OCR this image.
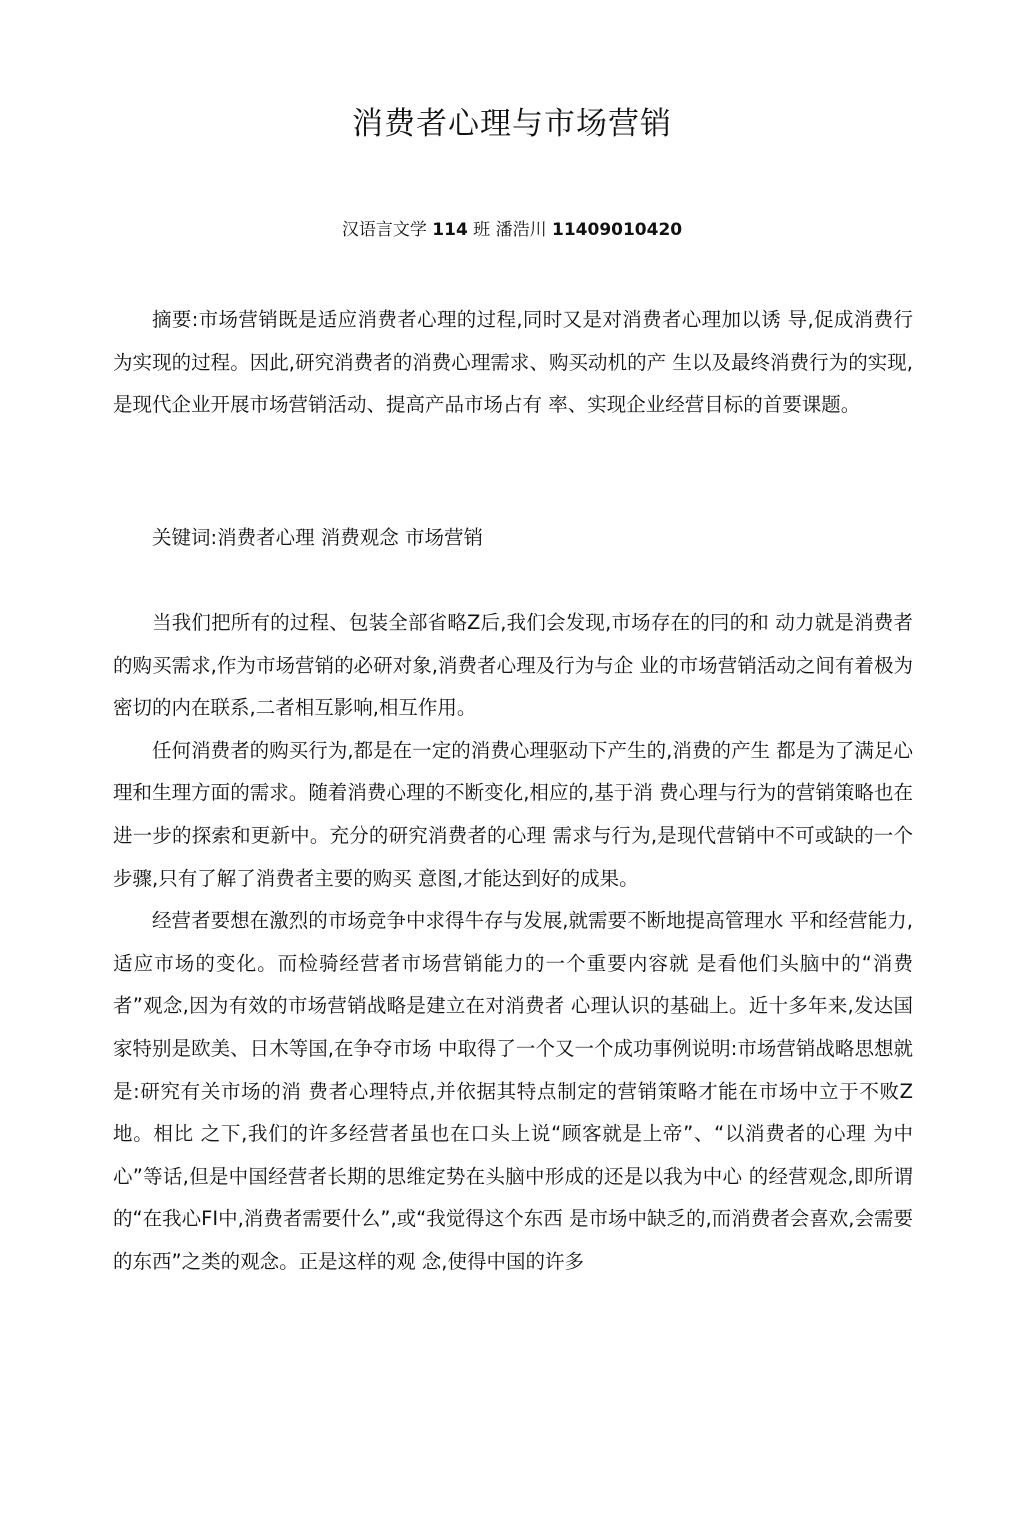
消费者心理与市场营销
汉语言文学 114 班 潘浩川 11409010420

摘要:市场营销既是适应消费者心理的过程,同时又是对消费者心理加以诱 导,促成消费行为实现的过程。因此,研究消费者的消费心理需求、购买动机的产 生以及最终消费行为的实现,是现代企业开展市场营销活动、提高产品市场占有 率、实现企业经营目标的首要课题。

关键词:消费者心理 消费观念 市场营销

当我们把所有的过程、包装全部省略Z后,我们会发现,市场存在的冃的和 动力就是消费者的购买需求,作为市场营销的必研对象,消费者心理及行为与企 业的市场营销活动之间有着极为密切的内在联系,二者相互影响,相互作用。

任何消费者的购买行为,都是在一定的消费心理驱动下产生的,消费的产生 都是为了满足心理和生理方面的需求。随着消费心理的不断变化,相应的,基于消 费心理与行为的营销策略也在进一步的探索和更新中。充分的研究消费者的心理 需求与行为,是现代营销中不可或缺的一个步骤,只有了解了消费者主要的购买 意图,才能达到好的成果。

经营者要想在激烈的市场竞争中求得牛存与发展,就需要不断地提高管理水 平和经营能力,适应市场的变化。而检骑经营者市场营销能力的一个重要内容就 是看他们头脑中的“消费者”观念,因为有效的市场营销战略是建立在对消费者 心理认识的基础上。近十多年来,发达国家特别是欧美、日木等国,在争夺市场 中取得了一个又一个成功事例说明:市场营销战略思想就是:研究有关市场的消 费者心理特点,并依据其特点制定的营销策略才能在市场中立于不败Z地。相比 之下,我们的许多经营者虽也在口头上说“顾客就是上帝”、“以消费者的心理 为中心”等话,但是中国经营者长期的思维定势在头脑中形成的还是以我为中心 的经营观念,即所谓的“在我心FI中,消费者需要什么”,或“我觉得这个东西 是市场中缺乏的,而消费者会喜欢,会需要的东西”之类的观念。正是这样的观 念,使得中国的许多
